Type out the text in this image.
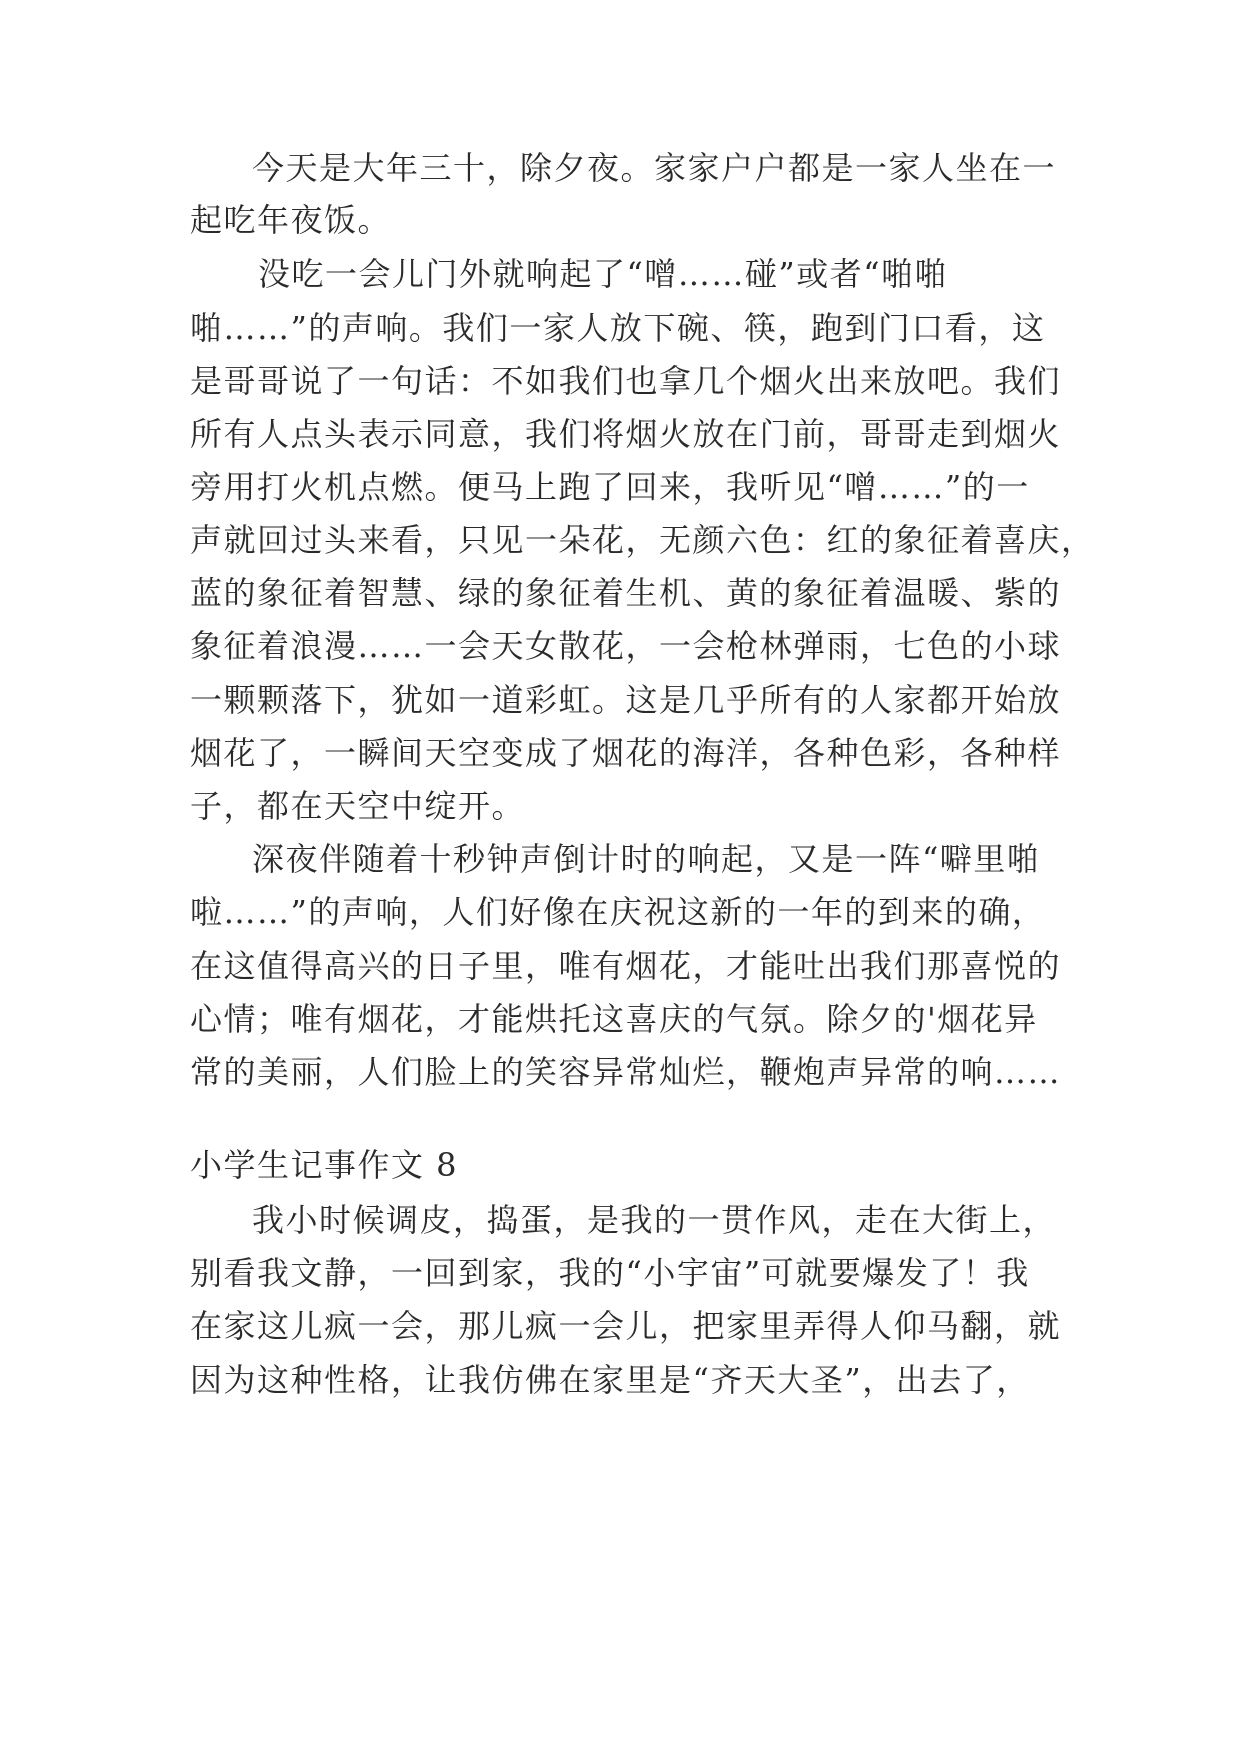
今天是大年三十，除夕夜。家家户户都是一家人坐在一
起吃年夜饭。
没吃一会儿门外就响起了“噌……碰”或者“啪啪
啪……”的声响。我们一家人放下碗、筷，跑到门口看，这
是哥哥说了一句话：不如我们也拿几个烟火出来放吧。我们
所有人点头表示同意，我们将烟火放在门前，哥哥走到烟火
旁用打火机点燃。便马上跑了回来，我听见“噌……”的一
声就回过头来看，只见一朵花，无颜六色：红的象征着喜庆，
蓝的象征着智慧、绿的象征着生机、黄的象征着温暖、紫的
象征着浪漫……一会天女散花，一会枪林弹雨，七色的小球
一颗颗落下，犹如一道彩虹。这是几乎所有的人家都开始放
烟花了，一瞬间天空变成了烟花的海洋，各种色彩，各种样
子，都在天空中绽开。
深夜伴随着十秒钟声倒计时的响起，又是一阵“噼里啪
啦……”的声响，人们好像在庆祝这新的一年的到来的确，
在这值得高兴的日子里，唯有烟花，才能吐出我们那喜悦的
心情；唯有烟花，才能烘托这喜庆的气氛。除夕的'烟花异
常的美丽，人们脸上的笑容异常灿烂，鞭炮声异常的响……
小学生记事作文 8
我小时候调皮，捣蛋，是我的一贯作风，走在大街上，
别看我文静，一回到家，我的“小宇宙”可就要爆发了！我
在家这儿疯一会，那儿疯一会儿，把家里弄得人仰马翻，就
因为这种性格，让我仿佛在家里是“齐天大圣”，出去了，
